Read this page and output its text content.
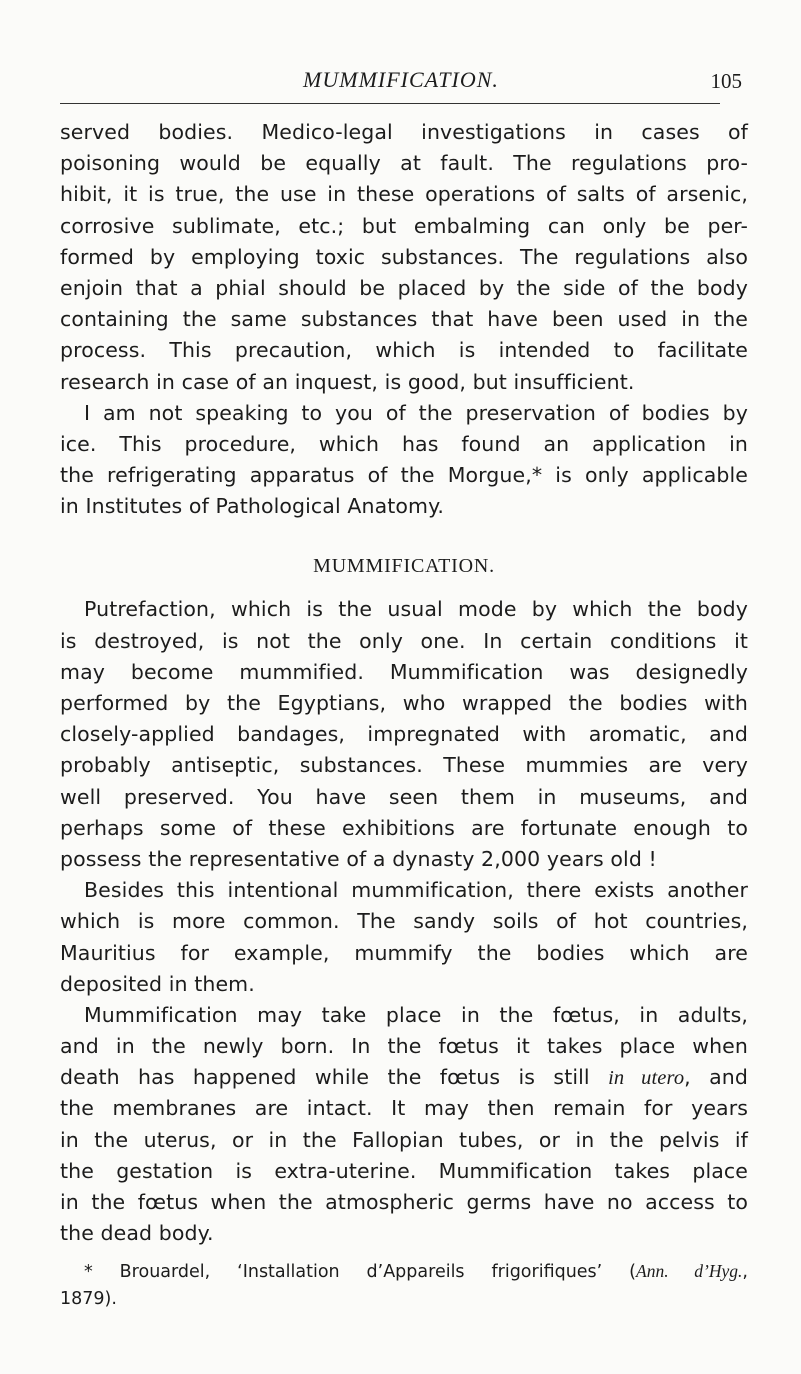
MUMMIFICATION.	105
served bodies. Medico-legal investigations in cases of
poisoning would be equally at fault. The regulations pro-
hibit, it is true, the use in these operations of salts of arsenic,
corrosive sublimate, etc.; but embalming can only be per-
formed by employing toxic substances. The regulations also
enjoin that a phial should be placed by the side of the body
containing the same substances that have been used in the
process. This precaution, which is intended to facilitate
research in case of an inquest, is good, but insufficient.
I am not speaking to you of the preservation of bodies by
ice. This procedure, which has found an application in
the refrigerating apparatus of the Morgue,* is only applicable
in Institutes of Pathological Anatomy.
MUMMIFICATION.
Putrefaction, which is the usual mode by which the body
is destroyed, is not the only one. In certain conditions it
may become mummified. Mummification was designedly
performed by the Egyptians, who wrapped the bodies with
closely-applied bandages, impregnated with aromatic, and
probably antiseptic, substances. These mummies are very
well preserved. You have seen them in museums, and
perhaps some of these exhibitions are fortunate enough to
possess the representative of a dynasty 2,000 years old !
Besides this intentional mummification, there exists another
which is more common. The sandy soils of hot countries,
Mauritius for example, mummify the bodies which are
deposited in them.
Mummification may take place in the fœtus, in adults,
and in the newly born. In the fœtus it takes place when
death has happened while the fœtus is still in utero, and
the membranes are intact. It may then remain for years
in the uterus, or in the Fallopian tubes, or in the pelvis if
the gestation is extra-uterine. Mummification takes place
in the fœtus when the atmospheric germs have no access to
the dead body.
* Brouardel, ‘Installation d’Appareils frigorifiques’ (Ann. d’Hyg.,
1879).
